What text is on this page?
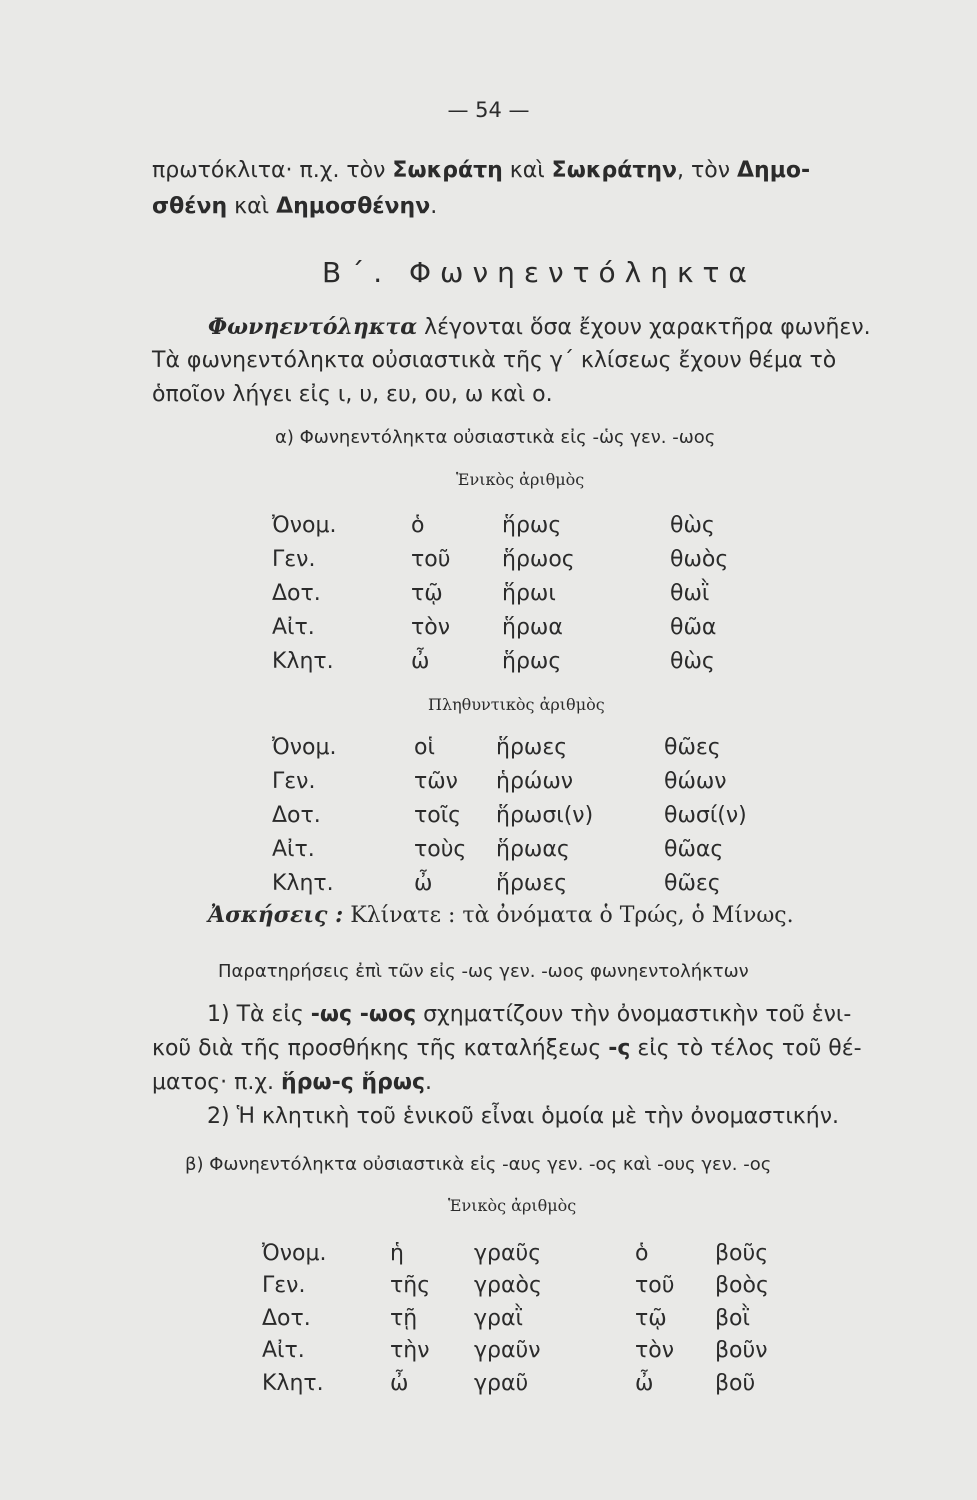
— 54 —
πρωτόκλιτα· π.χ. τὸν Σωκράτη καὶ Σωκράτην, τὸν Δημο-
σθένη καὶ Δημοσθένην.
Β΄. Φωνηεντόληκτα
Φωνηεντόληκτα λέγονται ὅσα ἔχουν χαρακτῆρα φωνῆεν.
Τὰ φωνηεντόληκτα οὐσιαστικὰ τῆς γ΄ κλίσεως ἔχουν θέμα τὸ
ὁποῖον λήγει εἰς ι, υ, ευ, ου, ω καὶ ο.
α) Φωνηεντόληκτα οὐσιαστικὰ εἰς -ὡς γεν. -ωος
Ἑνικὸς ἀριθμὸς
Ὀνομ.	ὁ	ἥρως	θὼς
Γεν.	τοῦ	ἥρωος	θωὸς
Δοτ.	τῷ	ἥρωι	θωῒ
Αἰτ.	τὸν	ἥρωα	θῶα
Κλητ.	ὦ	ἥρως	θὼς
Πληθυντικὸς ἀριθμὸς
Ὀνομ.	οἱ	ἥρωες	θῶες
Γεν.	τῶν	ἡρώων	θώων
Δοτ.	τοῖς	ἥρωσι(ν)	θωσί(ν)
Αἰτ.	τοὺς	ἥρωας	θῶας
Κλητ.	ὦ	ἥρωες	θῶες
Ἀσκήσεις : Κλίνατε : τὰ ὀνόματα ὁ Τρώς, ὁ Μίνως.
Παρατηρήσεις ἐπὶ τῶν εἰς -ως γεν. -ωος φωνηεντολήκτων
1) Τὰ εἰς -ως -ωος σχηματίζουν τὴν ὀνομαστικὴν τοῦ ἑνι-
κοῦ διὰ τῆς προσθήκης τῆς καταλήξεως -ς εἰς τὸ τέλος τοῦ θέ-
ματος· π.χ. ἥρω-ς ἥρως.
2) Ἡ κλητικὴ τοῦ ἑνικοῦ εἶναι ὁμοία μὲ τὴν ὀνομαστικήν.
β) Φωνηεντόληκτα οὐσιαστικὰ εἰς -αυς γεν. -ος καὶ -ους γεν. -ος
Ἑνικὸς ἀριθμὸς
Ὀνομ.	ἡ	γραῦς	ὁ	βοῦς
Γεν.	τῆς	γραὸς	τοῦ	βοὸς
Δοτ.	τῇ	γραῒ	τῷ	βοῒ
Αἰτ.	τὴν	γραῦν	τὸν	βοῦν
Κλητ.	ὦ	γραῦ	ὦ	βοῦ
